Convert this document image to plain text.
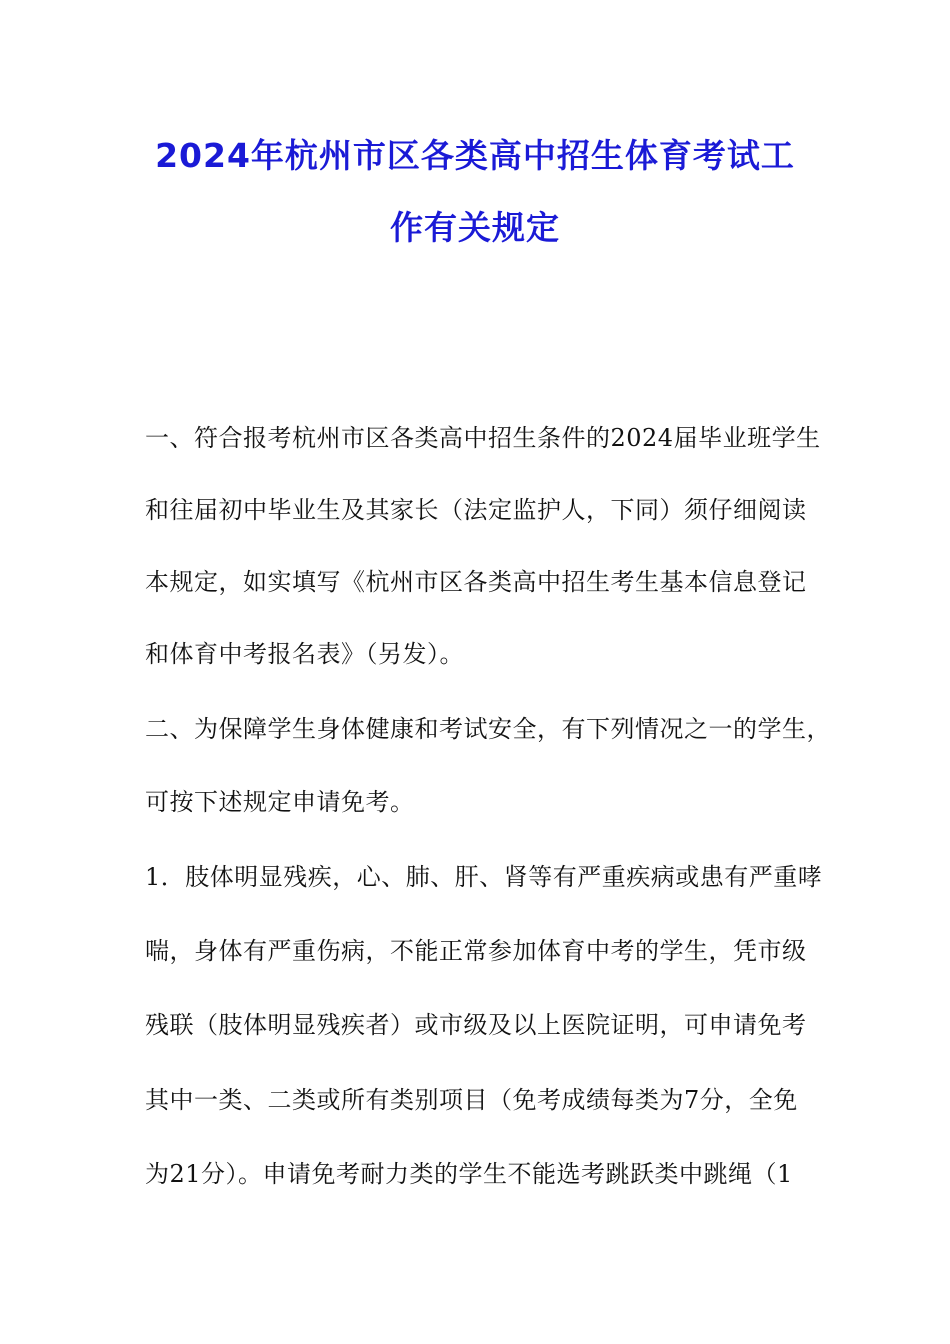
2024年杭州市区各类高中招生体育考试工
作有关规定

一、符合报考杭州市区各类高中招生条件的2024届毕业班学生

和往届初中毕业生及其家长（法定监护人，下同）须仔细阅读

本规定，如实填写《杭州市区各类高中招生考生基本信息登记

和体育中考报名表》（另发）。

二、为保障学生身体健康和考试安全，有下列情况之一的学生，

可按下述规定申请免考。

1．肢体明显残疾，心、肺、肝、肾等有严重疾病或患有严重哮

喘，身体有严重伤病，不能正常参加体育中考的学生，凭市级

残联（肢体明显残疾者）或市级及以上医院证明，可申请免考

其中一类、二类或所有类别项目（免考成绩每类为7分，全免

为21分）。申请免考耐力类的学生不能选考跳跃类中跳绳（1
